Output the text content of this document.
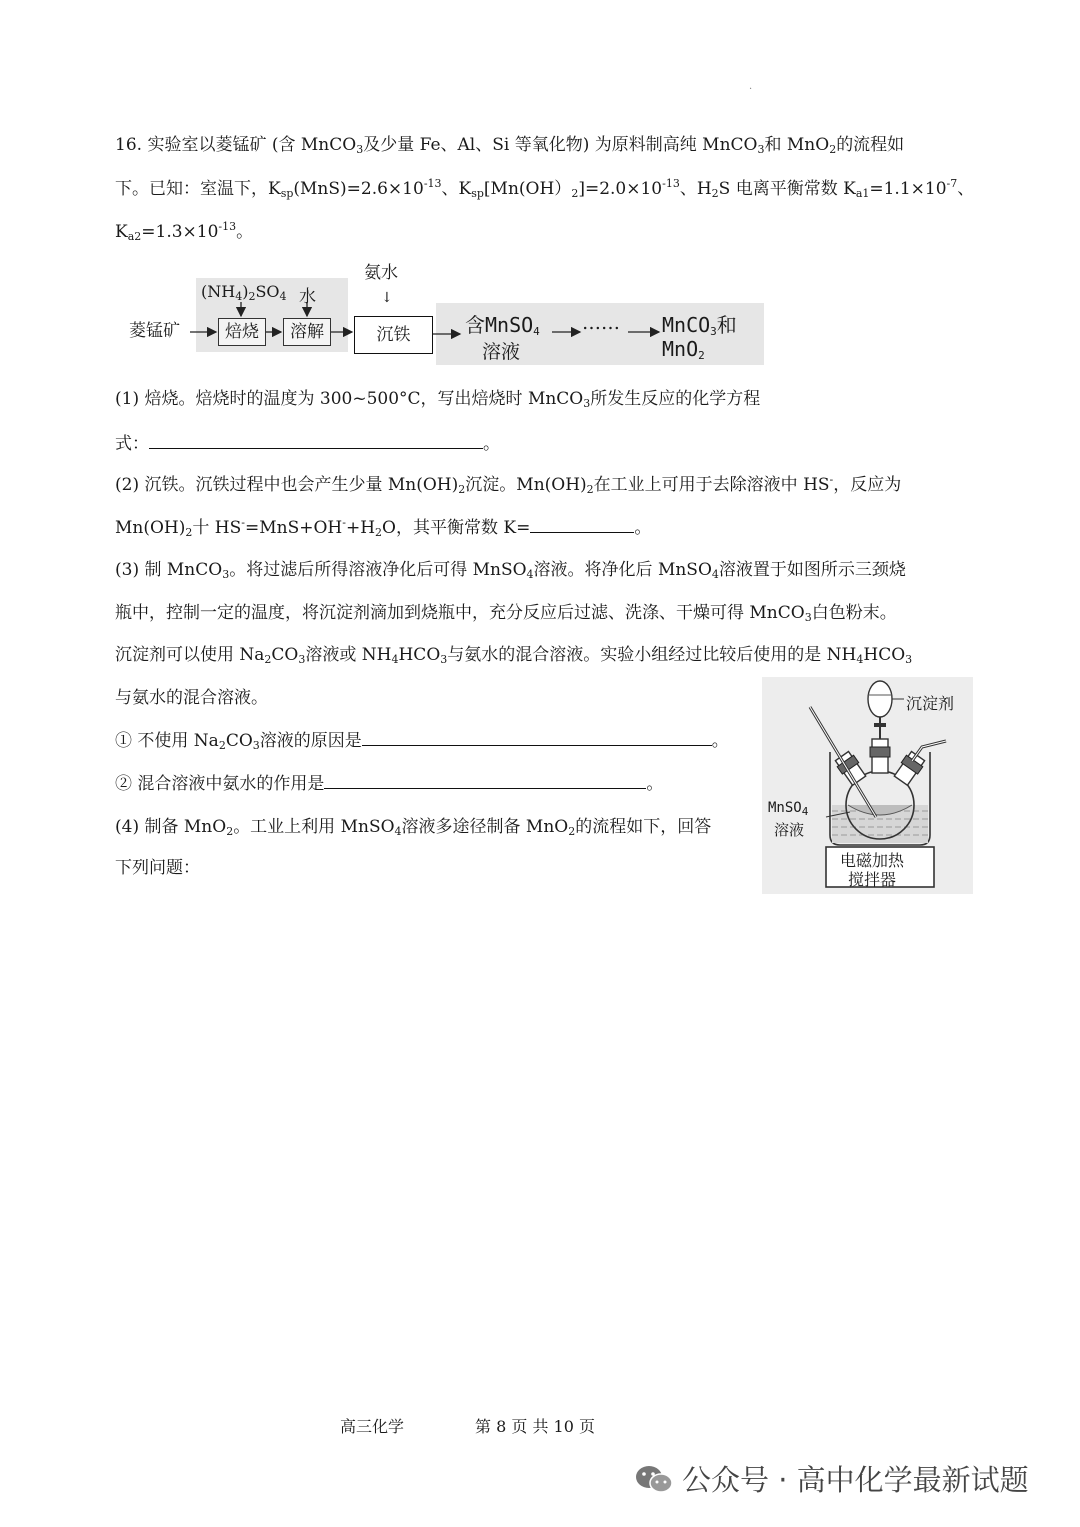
·
16. 实验室以菱锰矿 (含 MnCO$_3$及少量 Fe、Al、Si 等氧化物) 为原料制高纯 MnCO$_3$和 MnO$_2$的流程如
下。已知：室温下，$K_{sp}(MnS)=2.6\times 10^{-13}$、$K_{sp}[Mn(OH)_2]=2.0\times 10^{-13}$、$H_2S$ 电离平衡常数 $K_{a1}=1.1\times 10^{-7}$、
$K_{a2}=1.3\times 10^{-13}$。
菱锰矿
$(NH_4)_2SO_4$ 水
焙烧	溶解
氨水
↓
沉铁	含MnSO$_4$
溶液
…… MnCO$_3$和
MnO$_2$
(1) 焙烧。焙烧时的温度为 300~500°C，写出焙烧时 MnCO$_3$所发生反应的化学方程
式：	。
(2) 沉铁。沉铁过程中也会产生少量 $Mn(OH)_2$沉淀。$Mn(OH)_2$在工业上可用于去除溶液中 HS-，反应为
$Mn(OH)_2$十 $HS^-=MnS+OH^-+H_2O$，其平衡常数 K=	。
(3) 制 MnCO$_3$。将过滤后所得溶液净化后可得 MnSO$_4$溶液。将净化后 MnSO$_4$溶液置于如图所示三颈烧
瓶中，控制一定的温度，将沉淀剂滴加到烧瓶中，充分反应后过滤、洗涤、干燥可得 MnCO$_3$白色粉末。
沉淀剂可以使用 $Na_2CO_3$溶液或 $NH_4HCO_3$与氨水的混合溶液。实验小组经过比较后使用的是 $NH_4HCO_3$
与氨水的混合溶液。
① 不使用 $Na_2CO_3$溶液的原因是	。
② 混合溶液中氨水的作用是	。
(4) 制备 MnO$_2$。工业上利用 MnSO$_4$溶液多途径制备 MnO$_2$的流程如下，回答
下列问题：
沉淀剂
MnSO$_4$
溶液
电磁加热
搅拌器
高三化学	第 8 页 共 10 页
公众号 · 高中化学最新试题
